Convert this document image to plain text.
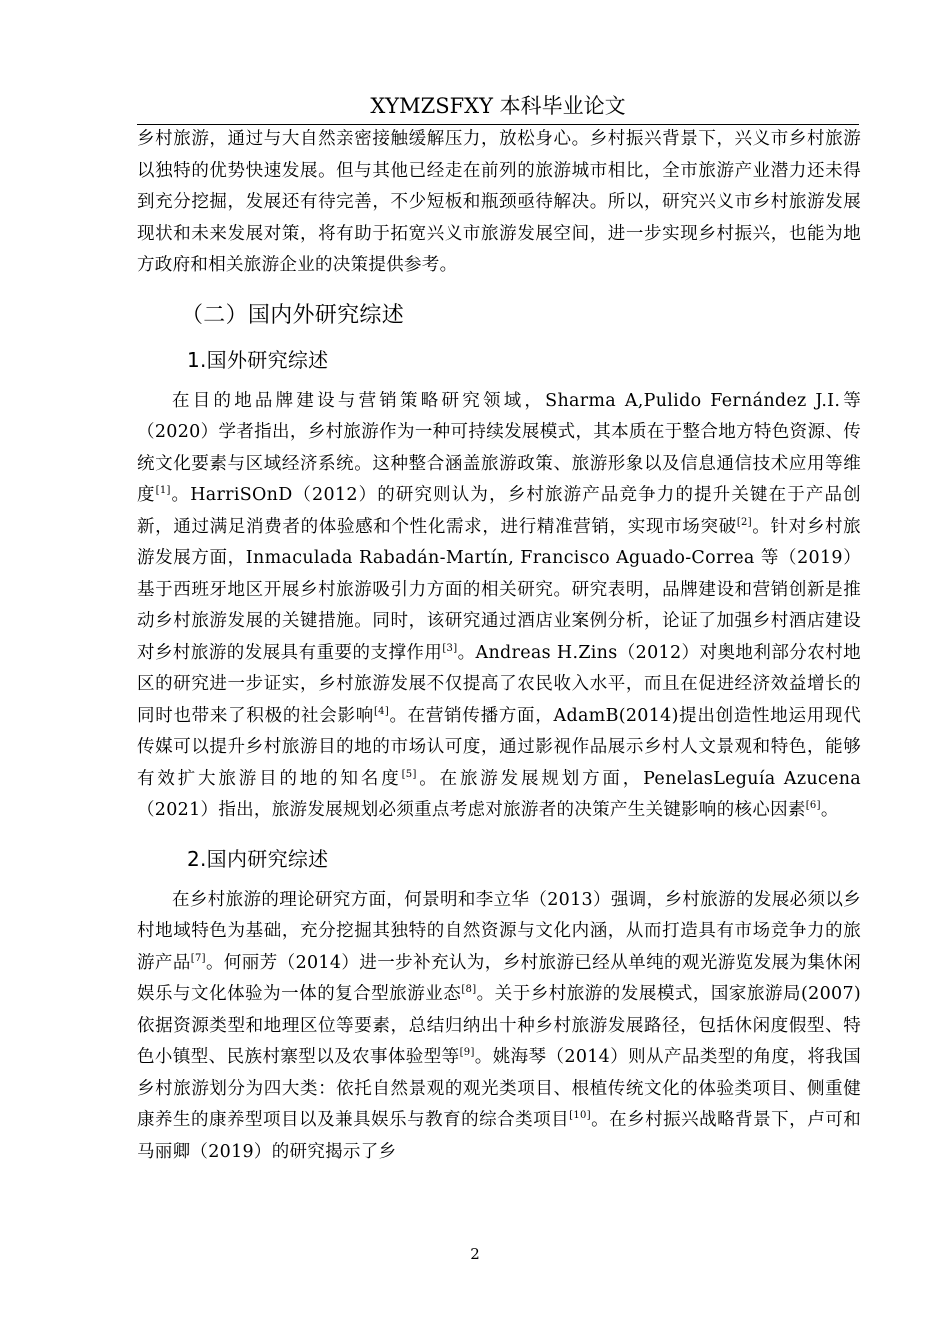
XYMZSFXY 本科毕业论文

乡村旅游，通过与大自然亲密接触缓解压力，放松身心。乡村振兴背景下，兴义市乡村旅游以独特的优势快速发展。但与其他已经走在前列的旅游城市相比，全市旅游产业潜力还未得到充分挖掘，发展还有待完善，不少短板和瓶颈亟待解决。所以，研究兴义市乡村旅游发展现状和未来发展对策，将有助于拓宽兴义市旅游发展空间，进一步实现乡村振兴，也能为地方政府和相关旅游企业的决策提供参考。

（二）国内外研究综述
1.国外研究综述

在目的地品牌建设与营销策略研究领域，Sharma A,Pulido Fernández J.I.等（2020）学者指出，乡村旅游作为一种可持续发展模式，其本质在于整合地方特色资源、传统文化要素与区域经济系统。这种整合涵盖旅游政策、旅游形象以及信息通信技术应用等维度[1]。HarriSOnD（2012）的研究则认为，乡村旅游产品竞争力的提升关键在于产品创新，通过满足消费者的体验感和个性化需求，进行精准营销，实现市场突破[2]。针对乡村旅游发展方面，Inmaculada Rabadán-Martín, Francisco Aguado-Correa 等（2019）基于西班牙地区开展乡村旅游吸引力方面的相关研究。研究表明，品牌建设和营销创新是推动乡村旅游发展的关键措施。同时，该研究通过酒店业案例分析，论证了加强乡村酒店建设对乡村旅游的发展具有重要的支撑作用[3]。Andreas H.Zins（2012）对奥地利部分农村地区的研究进一步证实，乡村旅游发展不仅提高了农民收入水平，而且在促进经济效益增长的同时也带来了积极的社会影响[4]。在营销传播方面，AdamB(2014)提出创造性地运用现代传媒可以提升乡村旅游目的地的市场认可度，通过影视作品展示乡村人文景观和特色，能够有效扩大旅游目的地的知名度[5]。在旅游发展规划方面，PenelasLeguía Azucena（2021）指出，旅游发展规划必须重点考虑对旅游者的决策产生关键影响的核心因素[6]。

2.国内研究综述

在乡村旅游的理论研究方面，何景明和李立华（2013）强调，乡村旅游的发展必须以乡村地域特色为基础，充分挖掘其独特的自然资源与文化内涵，从而打造具有市场竞争力的旅游产品[7]。何丽芳（2014）进一步补充认为，乡村旅游已经从单纯的观光游览发展为集休闲娱乐与文化体验为一体的复合型旅游业态[8]。关于乡村旅游的发展模式，国家旅游局(2007)依据资源类型和地理区位等要素，总结归纳出十种乡村旅游发展路径，包括休闲度假型、特色小镇型、民族村寨型以及农事体验型等[9]。姚海琴（2014）则从产品类型的角度，将我国乡村旅游划分为四大类：依托自然景观的观光类项目、根植传统文化的体验类项目、侧重健康养生的康养型项目以及兼具娱乐与教育的综合类项目[10]。在乡村振兴战略背景下，卢可和马丽卿（2019）的研究揭示了乡

2
